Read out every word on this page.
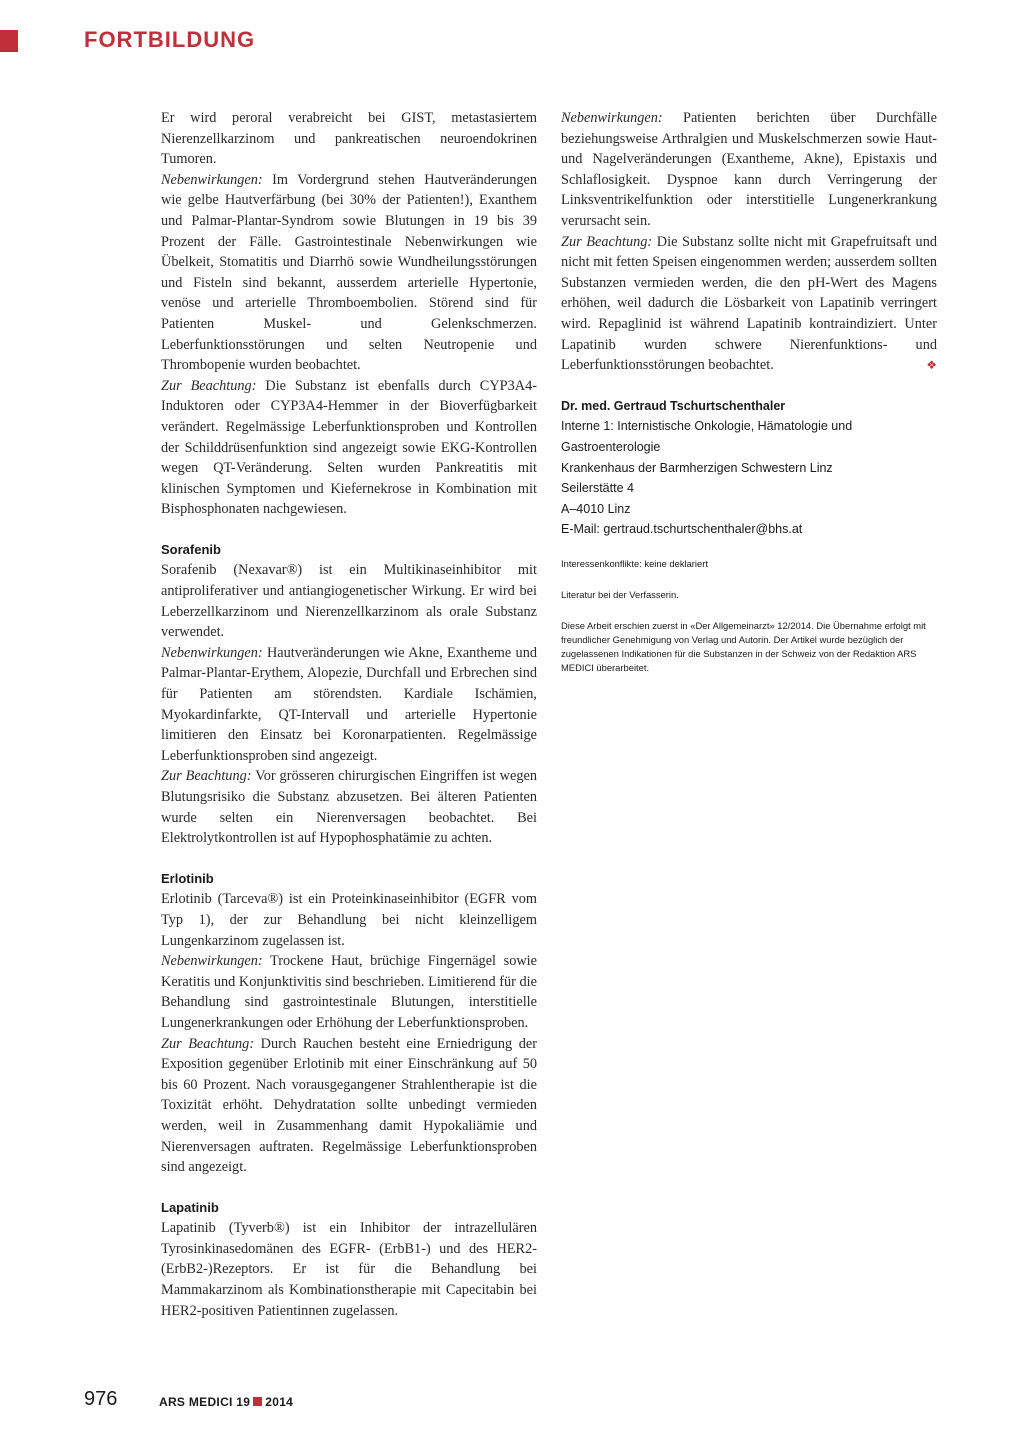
FORTBILDUNG

Er wird peroral verabreicht bei GIST, metastasiertem Nierenzellkarzinom und pankreatischen neuroendokrinen Tumoren.

Nebenwirkungen: Im Vordergrund stehen Hautveränderungen wie gelbe Hautverfärbung (bei 30% der Patienten!), Exanthem und Palmar-Plantar-Syndrom sowie Blutungen in 19 bis 39 Prozent der Fälle. Gastrointestinale Nebenwirkungen wie Übelkeit, Stomatitis und Diarrhö sowie Wundheilungsstörungen und Fisteln sind bekannt, ausserdem arterielle Hypertonie, venöse und arterielle Thromboembolien. Störend sind für Patienten Muskel- und Gelenkschmerzen. Leberfunktionsstörungen und selten Neutropenie und Thrombopenie wurden beobachtet.

Zur Beachtung: Die Substanz ist ebenfalls durch CYP3A4-Induktoren oder CYP3A4-Hemmer in der Bioverfügbarkeit verändert. Regelmässige Leberfunktionsproben und Kontrollen der Schilddrüsenfunktion sind angezeigt sowie EKG-Kontrollen wegen QT-Veränderung. Selten wurden Pankreatitis mit klinischen Symptomen und Kiefernekrose in Kombination mit Bisphosphonaten nachgewiesen.

Sorafenib

Sorafenib (Nexavar®) ist ein Multikinaseinhibitor mit antiproliferativer und antiangiogenetischer Wirkung. Er wird bei Leberzellkarzinom und Nierenzellkarzinom als orale Substanz verwendet.

Nebenwirkungen: Hautveränderungen wie Akne, Exantheme und Palmar-Plantar-Erythem, Alopezie, Durchfall und Erbrechen sind für Patienten am störendsten. Kardiale Ischämien, Myokardinfarkte, QT-Intervall und arterielle Hypertonie limitieren den Einsatz bei Koronarpatienten. Regelmässige Leberfunktionsproben sind angezeigt.

Zur Beachtung: Vor grösseren chirurgischen Eingriffen ist wegen Blutungsrisiko die Substanz abzusetzen. Bei älteren Patienten wurde selten ein Nierenversagen beobachtet. Bei Elektrolytkontrollen ist auf Hypophosphatämie zu achten.

Erlotinib

Erlotinib (Tarceva®) ist ein Proteinkinaseinhibitor (EGFR vom Typ 1), der zur Behandlung bei nicht kleinzelligem Lungenkarzinom zugelassen ist.

Nebenwirkungen: Trockene Haut, brüchige Fingernägel sowie Keratitis und Konjunktivitis sind beschrieben. Limitierend für die Behandlung sind gastrointestinale Blutungen, interstitielle Lungenerkrankungen oder Erhöhung der Leberfunktionsproben.

Zur Beachtung: Durch Rauchen besteht eine Erniedrigung der Exposition gegenüber Erlotinib mit einer Einschränkung auf 50 bis 60 Prozent. Nach vorausgegangener Strahlentherapie ist die Toxizität erhöht. Dehydratation sollte unbedingt vermieden werden, weil in Zusammenhang damit Hypokaliämie und Nierenversagen auftraten. Regelmässige Leberfunktionsproben sind angezeigt.

Lapatinib

Lapatinib (Tyverb®) ist ein Inhibitor der intrazellulären Tyrosinkinasedomänen des EGFR- (ErbB1-) und des HER2- (ErbB2-)Rezeptors. Er ist für die Behandlung bei Mammakarzinom als Kombinationstherapie mit Capecitabin bei HER2-positiven Patientinnen zugelassen.

Nebenwirkungen: Patienten berichten über Durchfälle beziehungsweise Arthralgien und Muskelschmerzen sowie Haut- und Nagelveränderungen (Exantheme, Akne), Epistaxis und Schlaflosigkeit. Dyspnoe kann durch Verringerung der Linksventrikelfunktion oder interstitielle Lungenerkrankung verursacht sein.

Zur Beachtung: Die Substanz sollte nicht mit Grapefruitsaft und nicht mit fetten Speisen eingenommen werden; ausserdem sollten Substanzen vermieden werden, die den pH-Wert des Magens erhöhen, weil dadurch die Lösbarkeit von Lapatinib verringert wird. Repaglinid ist während Lapatinib kontraindiziert. Unter Lapatinib wurden schwere Nierenfunktions- und Leberfunktionsstörungen beobachtet.	❖

Dr. med. Gertraud Tschurtschenthaler
Interne 1: Internistische Onkologie, Hämatologie und Gastroenterologie
Krankenhaus der Barmherzigen Schwestern Linz
Seilerstätte 4
A–4010 Linz
E-Mail: gertraud.tschurtschenthaler@bhs.at

Interessenkonflikte: keine deklariert

Literatur bei der Verfasserin.

Diese Arbeit erschien zuerst in «Der Allgemeinarzt» 12/2014. Die Übernahme erfolgt mit freundlicher Genehmigung von Verlag und Autorin. Der Artikel wurde bezüglich der zugelassenen Indikationen für die Substanzen in der Schweiz von der Redaktion ARS MEDICI überarbeitet.

976	ARS MEDICI 19 2014
